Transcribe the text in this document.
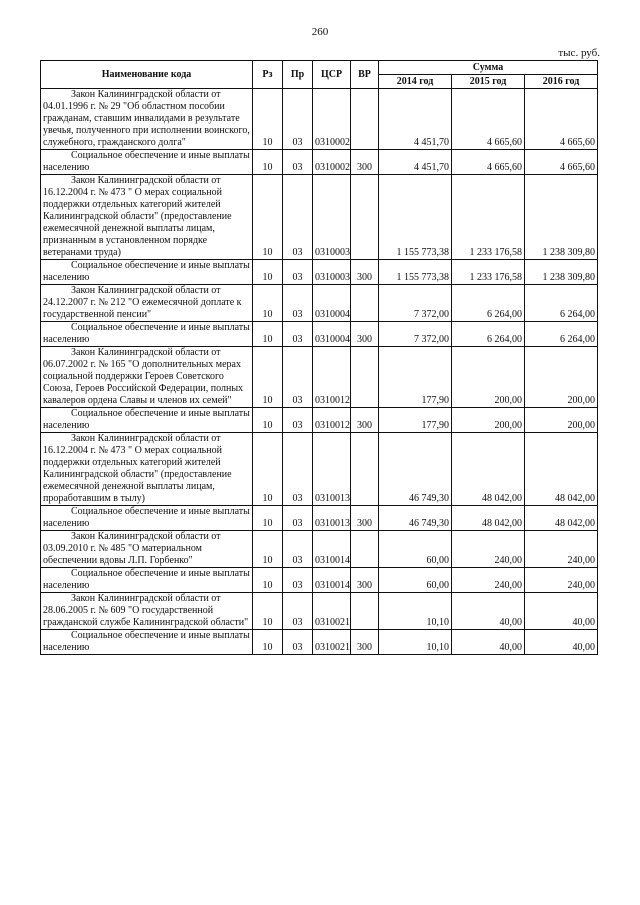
260
тыс. руб.
Наименование кода	Рз	Пр	ЦСР	ВР	Сумма		
					2014 год	2015 год	2016 год

Закон Калининградской области от 04.01.1996 г. № 29 "Об областном пособии гражданам, ставшим инвалидами в результате увечья, полученного при исполнении воинского, служебного, гражданского долга"	10	03	0310002		4 451,70	4 665,60	4 665,60

Социальное обеспечение и иные выплаты населению	10	03	0310002	300	4 451,70	4 665,60	4 665,60

Закон Калининградской области от 16.12.2004 г. № 473 " О мерах социальной поддержки отдельных категорий жителей Калининградской области" (предоставление ежемесячной денежной выплаты лицам, признанным в установленном порядке ветеранами труда)	10	03	0310003		1 155 773,38	1 233 176,58	1 238 309,80

Социальное обеспечение и иные выплаты населению	10	03	0310003	300	1 155 773,38	1 233 176,58	1 238 309,80

Закон Калининградской области от 24.12.2007 г. № 212 "О ежемесячной доплате к государственной пенсии"	10	03	0310004		7 372,00	6 264,00	6 264,00

Социальное обеспечение и иные выплаты населению	10	03	0310004	300	7 372,00	6 264,00	6 264,00

Закон Калининградской области от 06.07.2002 г. № 165 "О дополнительных мерах социальной поддержки Героев Советского Союза, Героев Российской Федерации, полных кавалеров ордена Славы и членов их семей"	10	03	0310012		177,90	200,00	200,00

Социальное обеспечение и иные выплаты населению	10	03	0310012	300	177,90	200,00	200,00

Закон Калининградской области от 16.12.2004 г. № 473 " О мерах социальной поддержки отдельных категорий жителей Калининградской области" (предоставление ежемесячной денежной выплаты лицам, проработавшим в тылу)	10	03	0310013		46 749,30	48 042,00	48 042,00

Социальное обеспечение и иные выплаты населению	10	03	0310013	300	46 749,30	48 042,00	48 042,00

Закон Калининградской области от 03.09.2010 г. № 485 "О материальном обеспечении вдовы Л.П. Горбенко"	10	03	0310014		60,00	240,00	240,00

Социальное обеспечение и иные выплаты населению	10	03	0310014	300	60,00	240,00	240,00

Закон Калининградской области от 28.06.2005 г. № 609 "О государственной гражданской службе Калининградской области"	10	03	0310021		10,10	40,00	40,00

Социальное обеспечение и иные выплаты населению	10	03	0310021	300	10,10	40,00	40,00
